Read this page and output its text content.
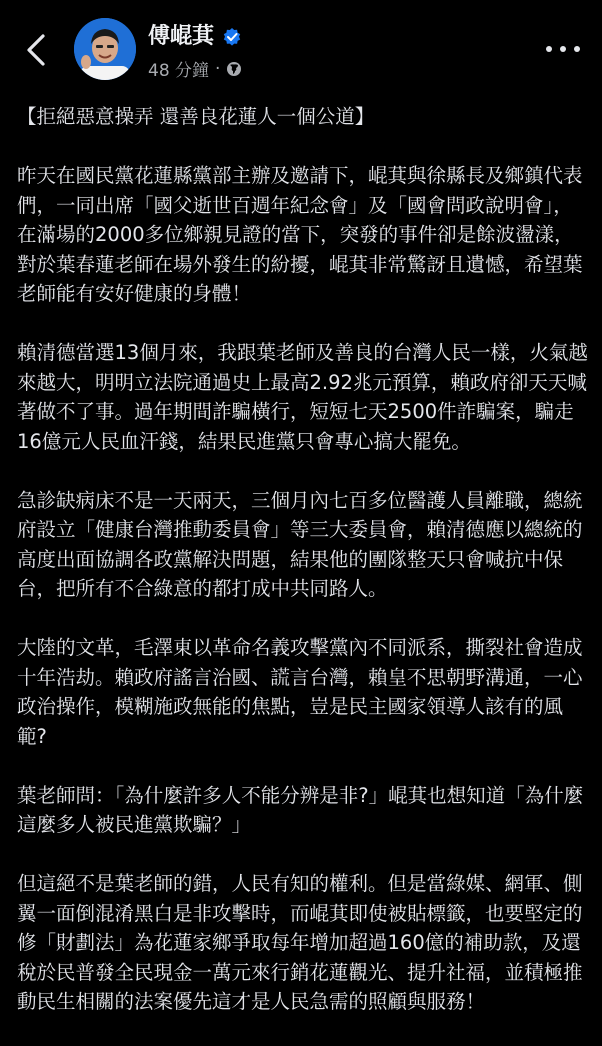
傅崐萁
48 分鐘 ·

【拒絕惡意操弄 還善良花蓮人一個公道】

昨天在國民黨花蓮縣黨部主辦及邀請下，崐萁與徐縣長及鄉鎮代表們，一同出席「國父逝世百週年紀念會」及「國會問政說明會」，在滿場的2000多位鄉親見證的當下，突發的事件卻是餘波盪漾，對於葉春蓮老師在場外發生的紛擾，崐萁非常驚訝且遺憾，希望葉老師能有安好健康的身體！

賴清德當選13個月來，我跟葉老師及善良的台灣人民一樣，火氣越來越大，明明立法院通過史上最高2.92兆元預算，賴政府卻天天喊著做不了事。過年期間詐騙橫行，短短七天2500件詐騙案，騙走16億元人民血汗錢，結果民進黨只會專心搞大罷免。

急診缺病床不是一天兩天，三個月內七百多位醫護人員離職，總統府設立「健康台灣推動委員會」等三大委員會，賴清德應以總統的高度出面協調各政黨解決問題，結果他的團隊整天只會喊抗中保台，把所有不合綠意的都打成中共同路人。

大陸的文革，毛澤東以革命名義攻擊黨內不同派系，撕裂社會造成十年浩劫。賴政府謠言治國、謊言台灣，賴皇不思朝野溝通，一心政治操作，模糊施政無能的焦點，豈是民主國家領導人該有的風範?

葉老師問：「為什麼許多人不能分辨是非?」崐萁也想知道「為什麼這麼多人被民進黨欺騙？」

但這絕不是葉老師的錯，人民有知的權利。但是當綠媒、網軍、側翼一面倒混淆黑白是非攻擊時，而崐萁即使被貼標籤，也要堅定的修「財劃法」為花蓮家鄉爭取每年增加超過160億的補助款，及還稅於民普發全民現金一萬元來行銷花蓮觀光、提升社福，並積極推動民生相關的法案優先這才是人民急需的照顧與服務！
